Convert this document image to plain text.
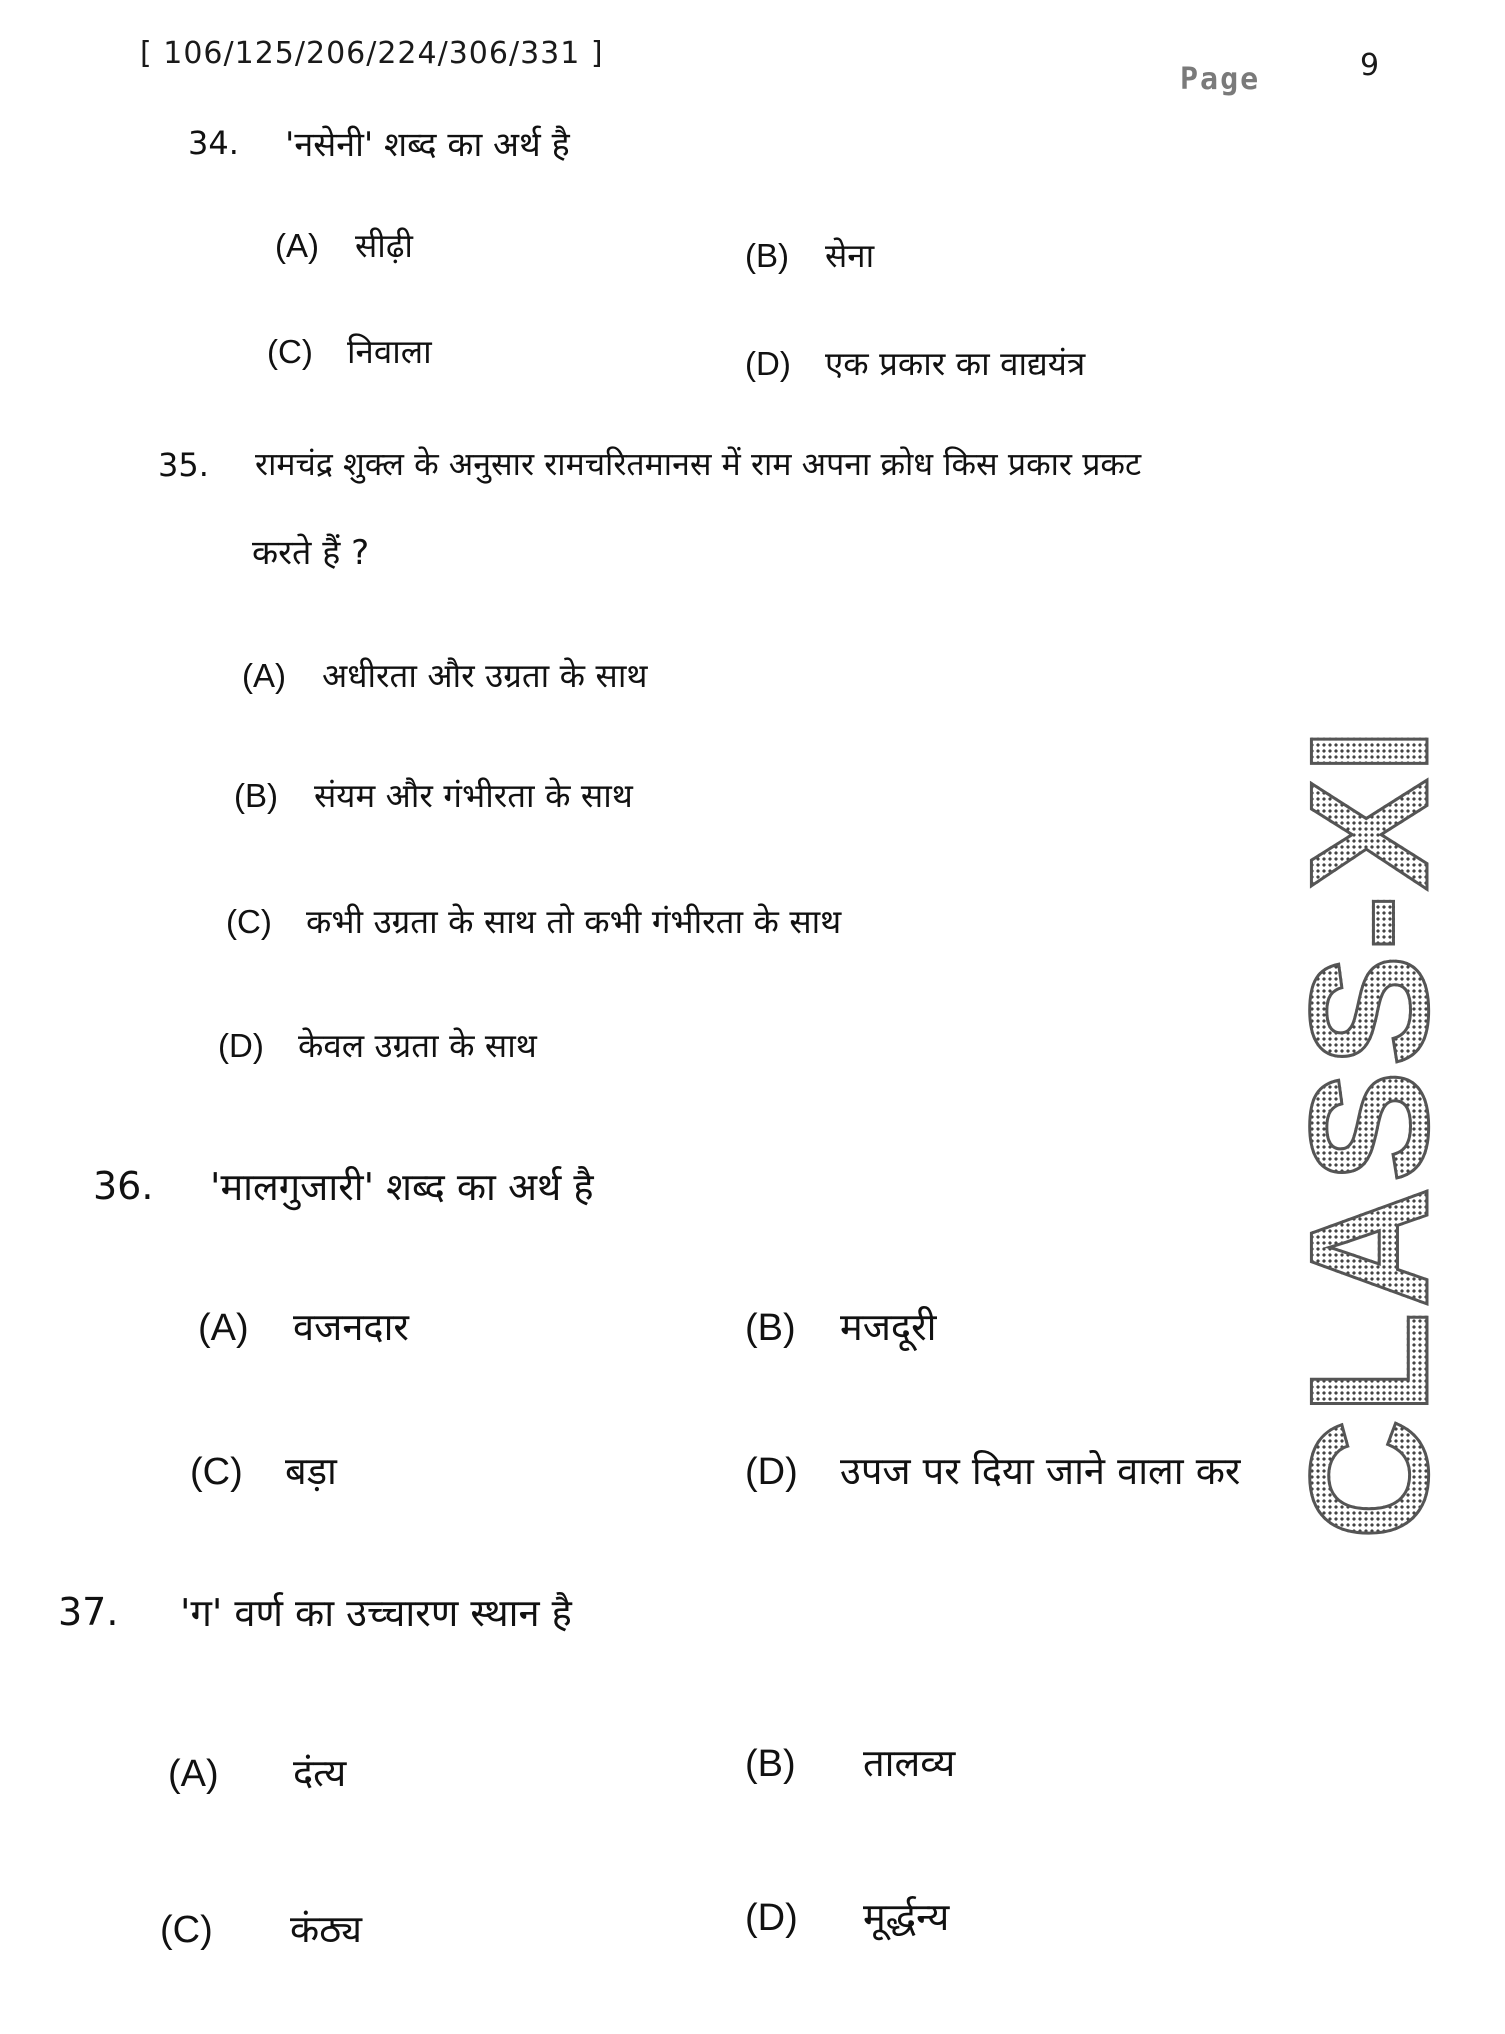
[ 106/125/206/224/306/331 ]
Page	9
34. 'नसेनी' शब्द का अर्थ है
(A) सीढ़ी	(B) सेना
(C) निवाला	(D) एक प्रकार का वाद्ययंत्र
35. रामचंद्र शुक्ल के अनुसार रामचरितमानस में राम अपना क्रोध किस प्रकार प्रकट
करते हैं ?
(A) अधीरता और उग्रता के साथ
(B) संयम और गंभीरता के साथ
(C) कभी उग्रता के साथ तो कभी गंभीरता के साथ
(D) केवल उग्रता के साथ
36. 'मालगुजारी' शब्द का अर्थ है
(A) वजनदार	(B) मजदूरी
(C) बड़ा	(D) उपज पर दिया जाने वाला कर
37. 'ग' वर्ण का उच्चारण स्थान है
(A) दंत्य	(B) तालव्य
(C) कंठ्य	(D) मूर्द्धन्य
CLASS-XI
